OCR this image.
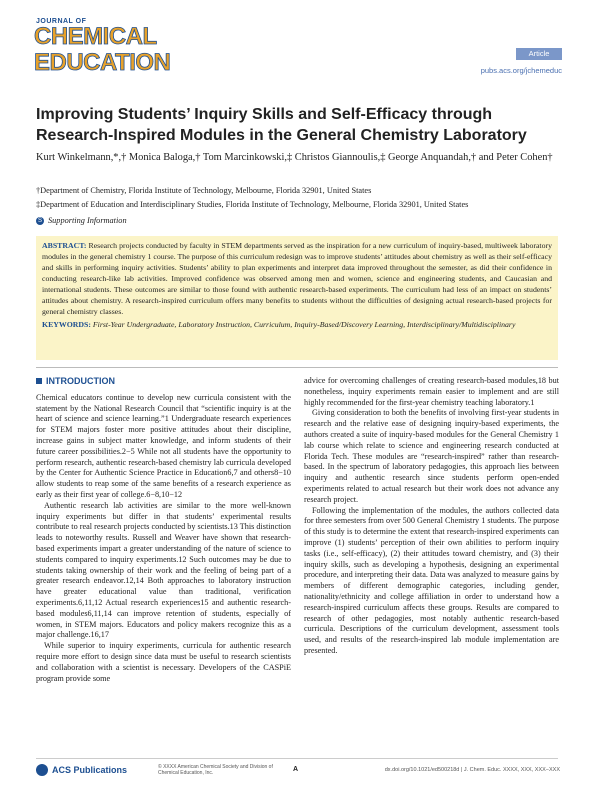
JOURNAL OF
CHEMICAL EDUCATION	Article
pubs.acs.org/jchemeduc
Improving Students’ Inquiry Skills and Self-Efficacy through Research-Inspired Modules in the General Chemistry Laboratory
Kurt Winkelmann,*,† Monica Baloga,† Tom Marcinkowski,‡ Christos Giannoulis,‡ George Anquandah,† and Peter Cohen†
†Department of Chemistry, Florida Institute of Technology, Melbourne, Florida 32901, United States
‡Department of Education and Interdisciplinary Studies, Florida Institute of Technology, Melbourne, Florida 32901, United States
S Supporting Information
ABSTRACT: Research projects conducted by faculty in STEM departments served as the inspiration for a new curriculum of inquiry-based, multiweek laboratory modules in the general chemistry 1 course. The purpose of this curriculum redesign was to improve students’ attitudes about chemistry as well as their self-efficacy and skills in performing inquiry activities. Students’ ability to plan experiments and interpret data improved throughout the semester, as did their confidence in conducting research-like lab activities. Improved confidence was observed among men and women, science and engineering students, and Caucasian and international students. These outcomes are similar to those found with authentic research-based experiments. The curriculum had less of an impact on students’ attitudes about chemistry. A research-inspired curriculum offers many benefits to students without the difficulties of designing actual research-based projects for general chemistry classes.
KEYWORDS: First-Year Undergraduate, Laboratory Instruction, Curriculum, Inquiry-Based/Discovery Learning, Interdisciplinary/Multidisciplinary
INTRODUCTION

Chemical educators continue to develop new curricula consistent with the statement by the National Research Council that “scientific inquiry is at the heart of science and science learning.”1 Undergraduate research experiences for STEM majors foster more positive attitudes about their discipline, increase gains in subject matter knowledge, and inform students of their future career possibilities.2−5 While not all students have the opportunity to perform research, authentic research-based chemistry lab curricula developed by the Center for Authentic Science Practice in Education6,7 and others8−10 allow students to reap some of the same benefits of a research experience as early as their first year of college.6−8,10−12

Authentic research lab activities are similar to the more well-known inquiry experiments but differ in that students’ experimental results contribute to real research projects conducted by scientists.13 This distinction leads to noteworthy results. Russell and Weaver have shown that research-based experiments impart a greater understanding of the nature of science to students compared to inquiry experiments.12 Such outcomes may be due to students taking ownership of their work and the feeling of being part of a greater research endeavor.12,14 Both approaches to laboratory instruction have greater educational value than traditional, verification experiments.6,11,12 Actual research experiences15 and authentic research-based modules6,11,14 can improve retention of students, especially of women, in STEM majors. Educators and policy makers recognize this as a major challenge.16,17

While superior to inquiry experiments, curricula for authentic research require more effort to design since data must be useful to research scientists and collaboration with a scientist is necessary. Developers of the CASPiE program provide some

advice for overcoming challenges of creating research-based modules,18 but nonetheless, inquiry experiments remain easier to implement and are still highly recommended for the first-year chemistry teaching laboratory.1

Giving consideration to both the benefits of involving first-year students in research and the relative ease of designing inquiry-based experiments, the authors created a suite of inquiry-based modules for the General Chemistry 1 lab course which relate to science and engineering research conducted at Florida Tech. These modules are “research-inspired” rather than research-based. In the spectrum of laboratory pedagogies, this approach lies between inquiry and authentic research since students perform open-ended experiments related to actual research but their work does not advance any research project.

Following the implementation of the modules, the authors collected data for three semesters from over 500 General Chemistry 1 students. The purpose of this study is to determine the extent that research-inspired experiments can improve (1) students’ perception of their own abilities to perform inquiry tasks (i.e., self-efficacy), (2) their attitudes toward chemistry, and (3) their inquiry skills, such as developing a hypothesis, designing an experimental procedure, and interpreting their data. Data was analyzed to measure gains by members of different demographic categories, including gender, nationality/ethnicity and college affiliation in order to understand how a research-inspired curriculum affects these groups. Results are compared to research of other pedagogies, most notably authentic research-based curricula. Descriptions of the curriculum development, assessment tools used, and results of the research-inspired lab module implementation are presented.

ACS Publications	© XXXX American Chemical Society and Division of Chemical Education, Inc.	A	dx.doi.org/10.1021/ed500218d | J. Chem. Educ. XXXX, XXX, XXX−XXX
